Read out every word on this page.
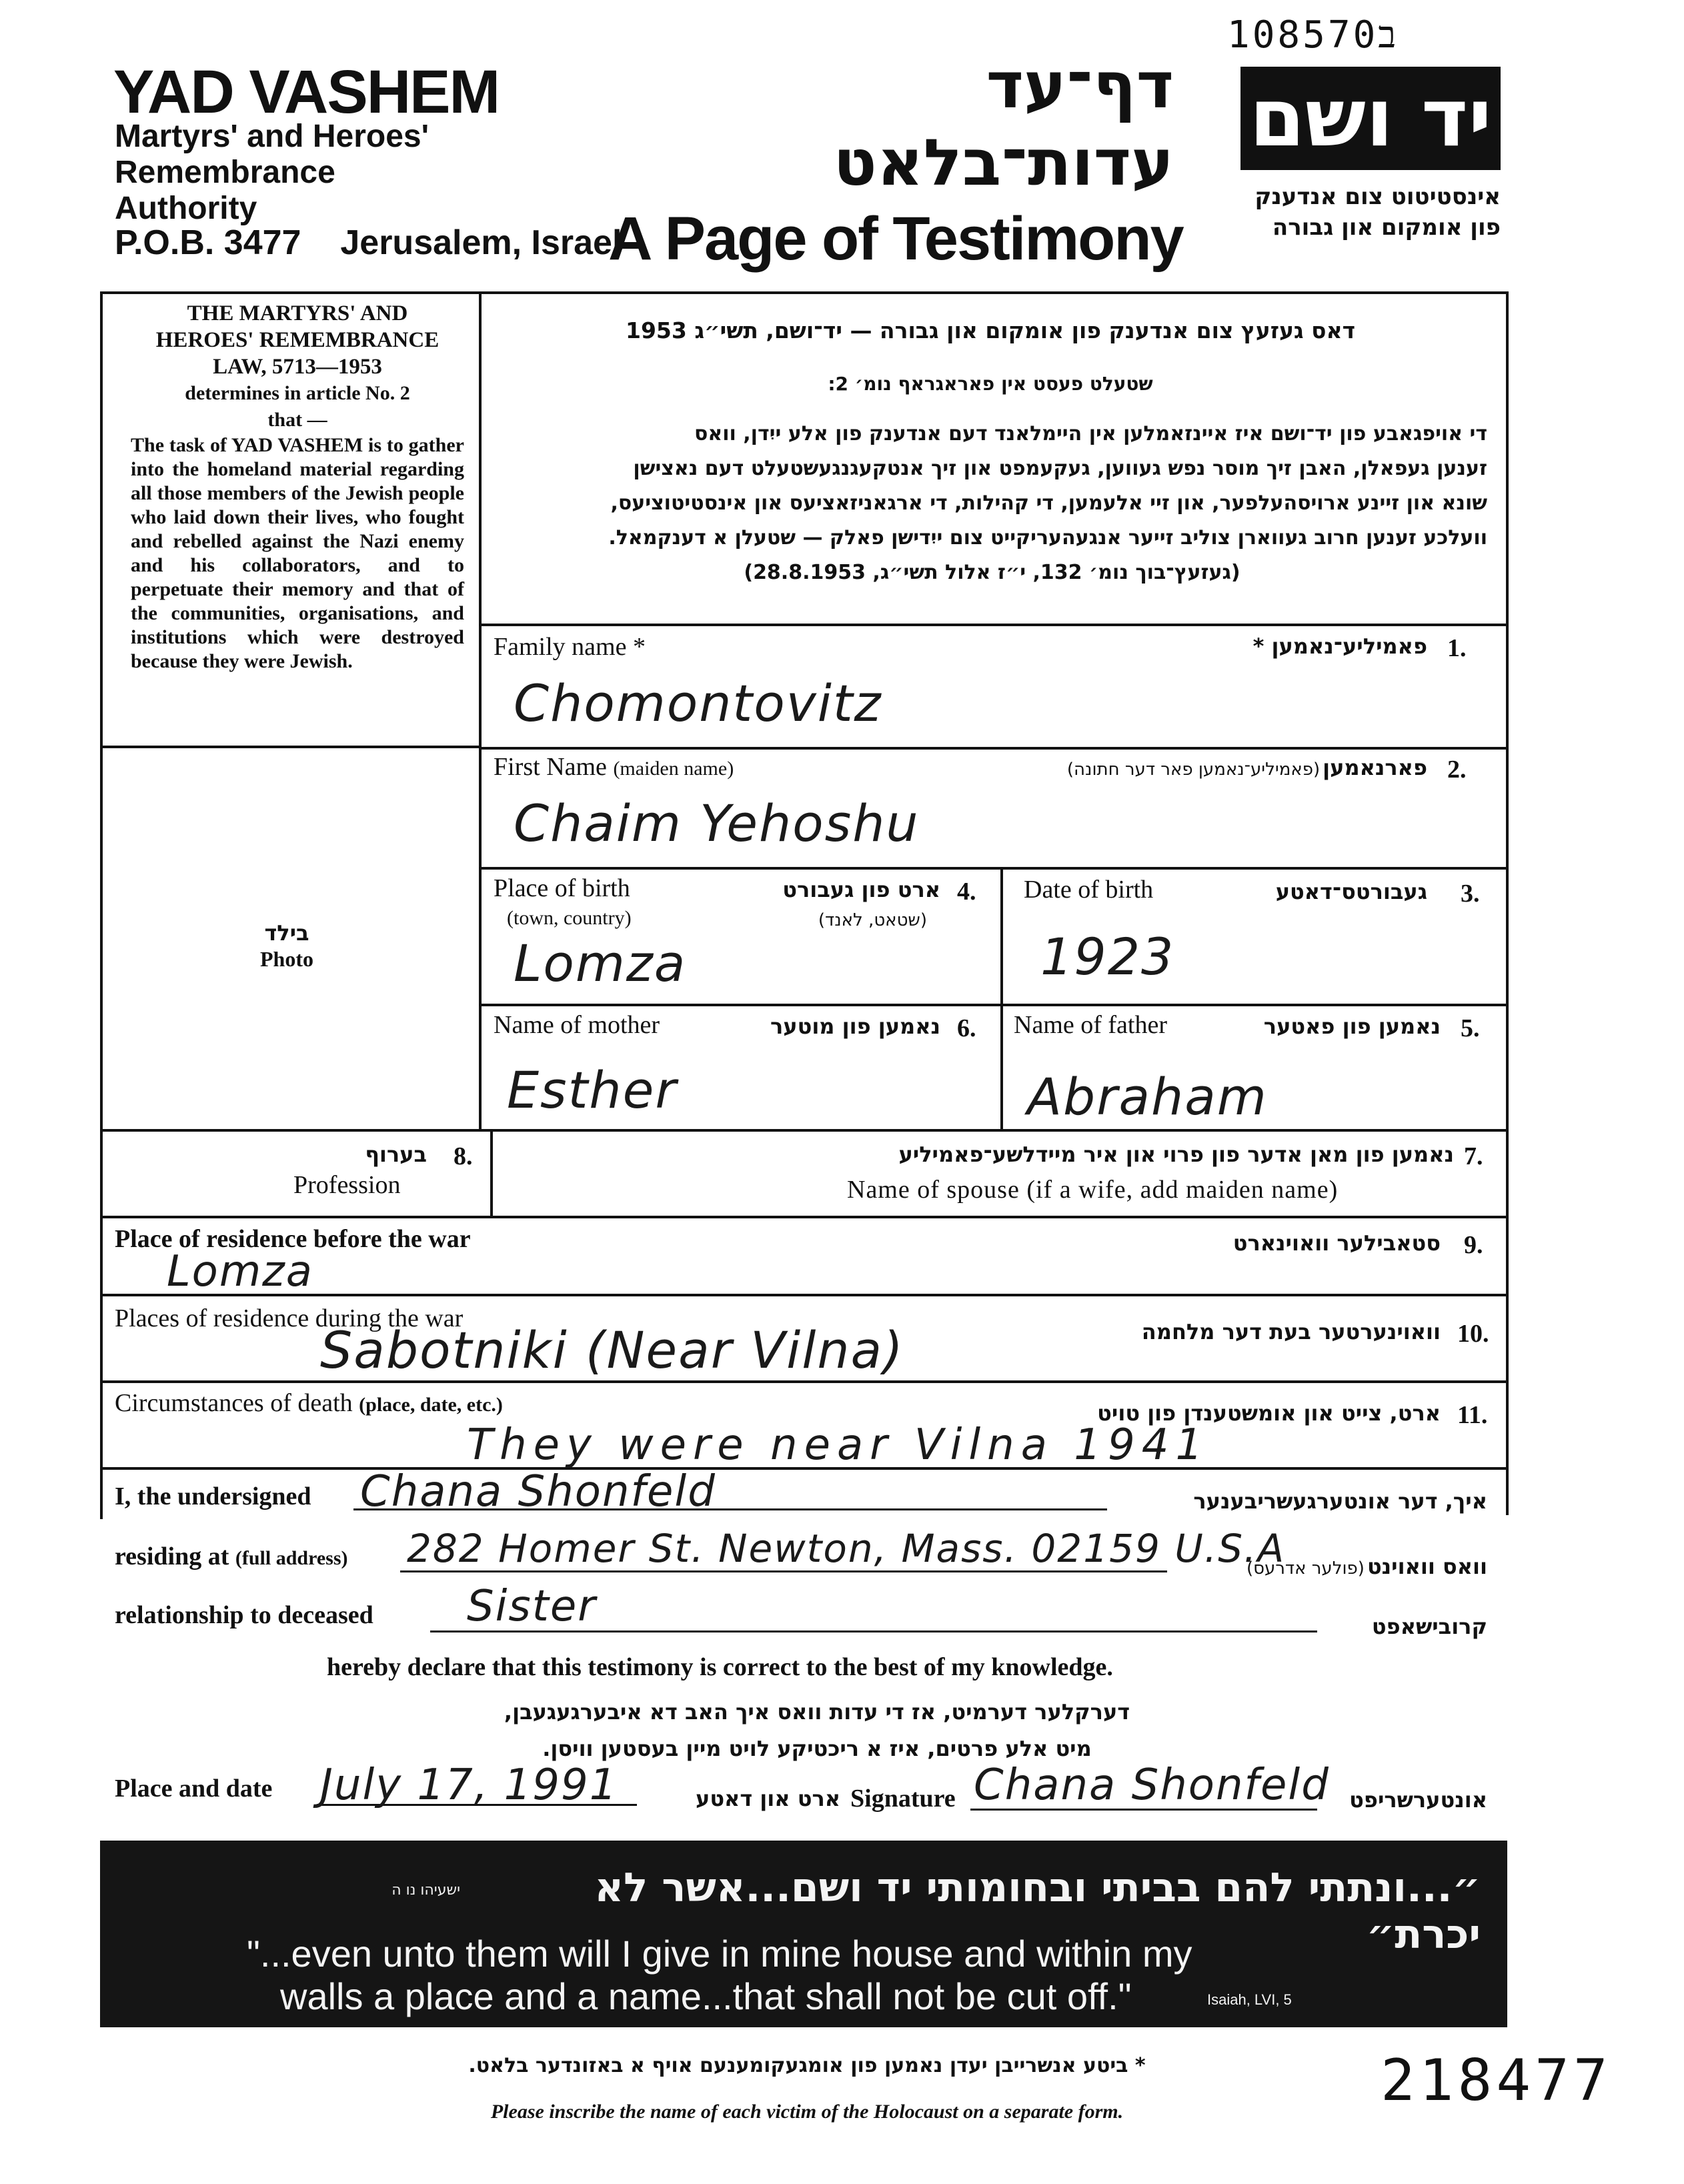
ב108570
YAD VASHEM
Martyrs' and Heroes'
Remembrance
Authority
P.O.B. 3477 Jerusalem, Israel
דף־עד
עדות־בלאט
A Page of Testimony
יד ושם
אינסטיטוט צום אנדענק
פון אומקום און גבורה
THE MARTYRS' AND
HEROES' REMEMBRANCE
LAW, 5713—1953
determines in article No. 2
that —
The task of YAD VASHEM is to gather into the homeland material regarding all those members of the Jewish people who laid down their lives, who fought and rebelled against the Nazi enemy and his collaborators, and to perpetuate their memory and that of the communities, organisations, and institutions which were destroyed because they were Jewish.
דאס געזעץ צום אנדענק פון אומקום און גבורה — יד־ושם, תשי״ג 1953
שטעלט פעסט אין פאראגראף נומ׳ 2:
די אויפגאבע פון יד־ושם איז איינזאמלען אין היימלאנד דעם אנדענק פון אלע ייִדן, וואס
זענען געפאלן, האבן זיך מוסר נפש געווען, געקעמפט און זיך אנטקעגנגעשטעלט דעם נאצישן
שונא און זיינע ארויסהעלפער, און זיי אלעמען, די קהילות, די ארגאניזאציעס און אינסטיטוציעס,
וועלכע זענען חרוב געווארן צוליב זייער אנגעהעריקייט צום ייִדישן פאלק — שטעלן א דענקמאל.
(געזעץ־בוך נומ׳ 132, י״ז אלול תשי״ג, 28.8.1953)
בילד
Photo
Family name *	פאמיליע־נאמען * 1.
Chomontovitz
First Name (maiden name)	פארנאמען (פאמיליע־נאמען פאר דער חתונה)	2.
Chaim Yehoshu
Place of birth
(town, country)
ארט פון געבורט
(שטאט, לאנד)
4.
Lomza
Date of birth	געבורטס־דאטע 3.
1923
Name of mother	נאמען פון מוטער 6.
Esther
Name of father	נאמען פון פאטער 5.
Abraham
בערוף 8.
Profession
נאמען פון מאן אדער פון פרוי און איר מיידלשע־פאמיליע 7.
Name of spouse (if a wife, add maiden name)
Place of residence before the war	סטאבילער וואוינארט 9.
Lomza
Places of residence during the war	וואוינערטער בעת דער מלחמה 10.
Sabotniki (Near Vilna)
Circumstances of death (place, date, etc.)	ארט, צייט און אומשטענדן פון טויט 11.
They were near Vilna 1941
I, the undersigned Chana Shonfeld	איך, דער אונטערגעשריבענער
residing at (full address) 282 Homer St. Newton, Mass. 02159 U.S.A	וואס וואוינט (פולער אדרעס)
relationship to deceased Sister	קרובישאפט
hereby declare that this testimony is correct to the best of my knowledge.
דערקלער דערמיט, אז די עדות וואס איך האב דא איבערגעגעבן,
מיט אלע פרטים, איז א ריכטיקע לויט מיין בעסטען וויסן.
Place and date July 17, 1991	ארט און דאטע Signature Chana Shonfeld אונטערשריפט
״...ונתתי להם בביתי ובחומותי יד ושם...אשר לא יכרת״
ישעיהו נו ה
"...even unto them will I give in mine house and within my
walls a place and a name...that shall not be cut off."	Isaiah, LVI, 5
* ביטע אנשרייבן יעדן נאמען פון אומגעקומענעם אויף א באזונדער בלאט.
Please inscribe the name of each victim of the Holocaust on a separate form.	218477
